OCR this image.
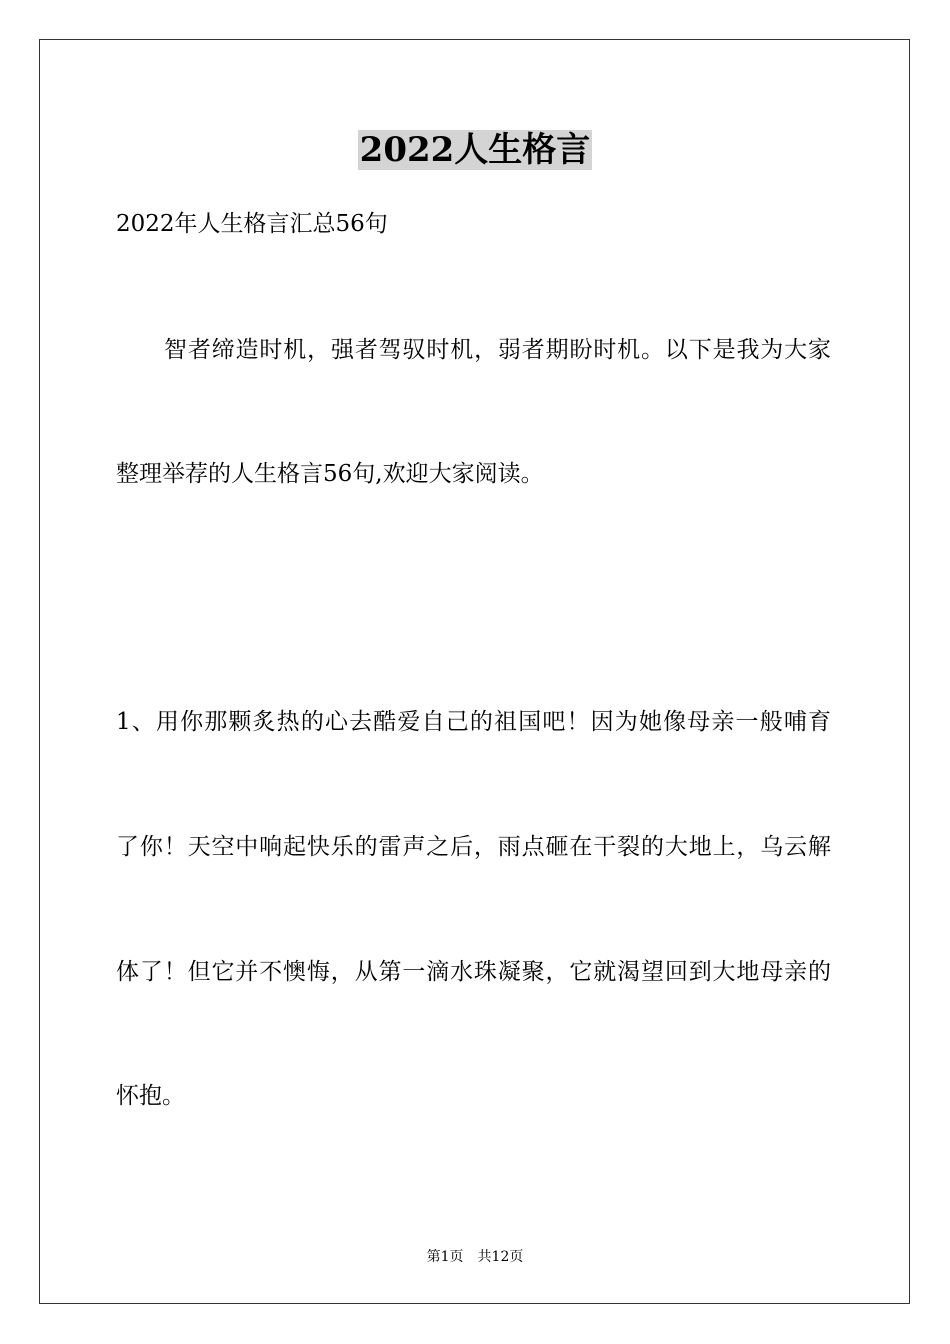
2022人生格言
2022年人生格言汇总56句
智者缔造时机，强者驾驭时机，弱者期盼时机。以下是我为大家
整理举荐的人生格言56句,欢迎大家阅读。
1、用你那颗炙热的心去酷爱自己的祖国吧！因为她像母亲一般哺育
了你！天空中响起快乐的雷声之后，雨点砸在干裂的大地上，乌云解
体了！但它并不懊悔，从第一滴水珠凝聚，它就渴望回到大地母亲的
怀抱。
第1页 共12页
